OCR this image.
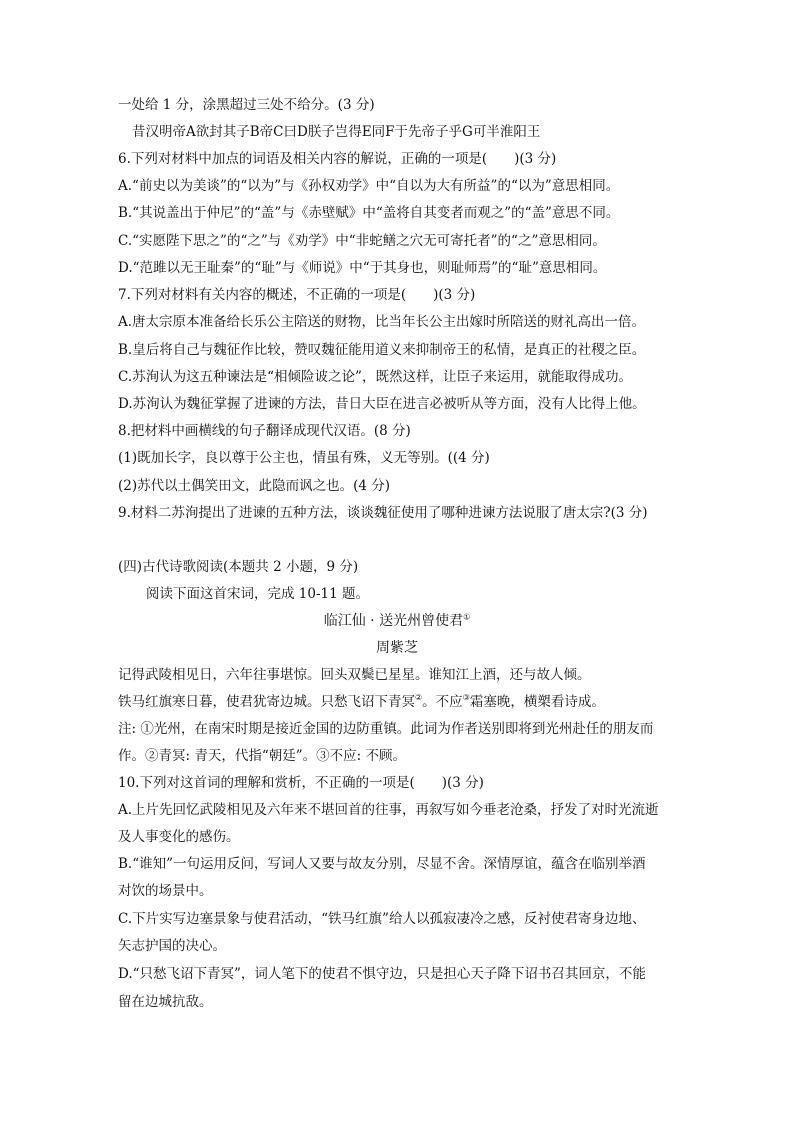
一处给 1 分，涂黑超过三处不给分。(3 分)

昔汉明帝A欲封其子B帝C曰D朕子岂得E同F于先帝子乎G可半淮阳王

6.下列对材料中加点的词语及相关内容的解说，正确的一项是(　　)(3 分)

A.“前史以为美谈”的“以为”与《孙权劝学》中“自以为大有所益”的“以为”意思相同。

B.“其说盖出于仲尼”的“盖”与《赤壁赋》中“盖将自其变者而观之”的“盖”意思不同。

C.“实愿陛下思之”的“之”与《劝学》中“非蛇鳝之穴无可寄托者”的“之”意思相同。

D.“范雎以无王耻秦”的“耻”与《师说》中“于其身也，则耻师焉”的“耻”意思相同。

7.下列对材料有关内容的概述，不正确的一项是(　　)(3 分)

A.唐太宗原本准备给长乐公主陪送的财物，比当年长公主出嫁时所陪送的财礼高出一倍。

B.皇后将自己与魏征作比较，赞叹魏征能用道义来抑制帝王的私情，是真正的社稷之臣。

C.苏洵认为这五种谏法是“相倾险诐之论”，既然这样，让臣子来运用，就能取得成功。

D.苏洵认为魏征掌握了进谏的方法，昔日大臣在进言必被听从等方面，没有人比得上他。

8.把材料中画横线的句子翻译成现代汉语。(8 分)

(1)既加长字，良以尊于公主也，情虽有殊，义无等别。((4 分)

(2)苏代以土偶笑田文，此隐而讽之也。(4 分)

9.材料二苏洵提出了进谏的五种方法，谈谈魏征使用了哪种进谏方法说服了唐太宗?(3 分)

(四)古代诗歌阅读(本题共 2 小题，9 分)

阅读下面这首宋词，完成 10-11 题。

临江仙 · 送光州曾使君①

周紫芝

记得武陵相见日，六年往事堪惊。回头双鬓已星星。谁知江上酒，还与故人倾。

铁马红旗寒日暮，使君犹寄边城。只愁飞诏下青冥②。不应③霜塞晚，横槊看诗成。

注: ①光州，在南宋时期是接近金国的边防重镇。此词为作者送别即将到光州赴任的朋友而

作。②青冥: 青天，代指“朝廷”。③不应: 不顾。

10.下列对这首词的理解和赏析，不正确的一项是(　　)(3 分)

A.上片先回忆武陵相见及六年来不堪回首的往事，再叙写如今垂老沧桑，抒发了对时光流逝

及人事变化的感伤。

B.“谁知”一句运用反问，写词人又要与故友分别，尽显不舍。深情厚谊，蕴含在临别举酒

对饮的场景中。

C.下片实写边塞景象与使君活动，“铁马红旗”给人以孤寂凄冷之感，反衬使君寄身边地、

矢志护国的决心。

D.“只愁飞诏下青冥”，词人笔下的使君不惧守边，只是担心天子降下诏书召其回京，不能

留在边城抗敌。
